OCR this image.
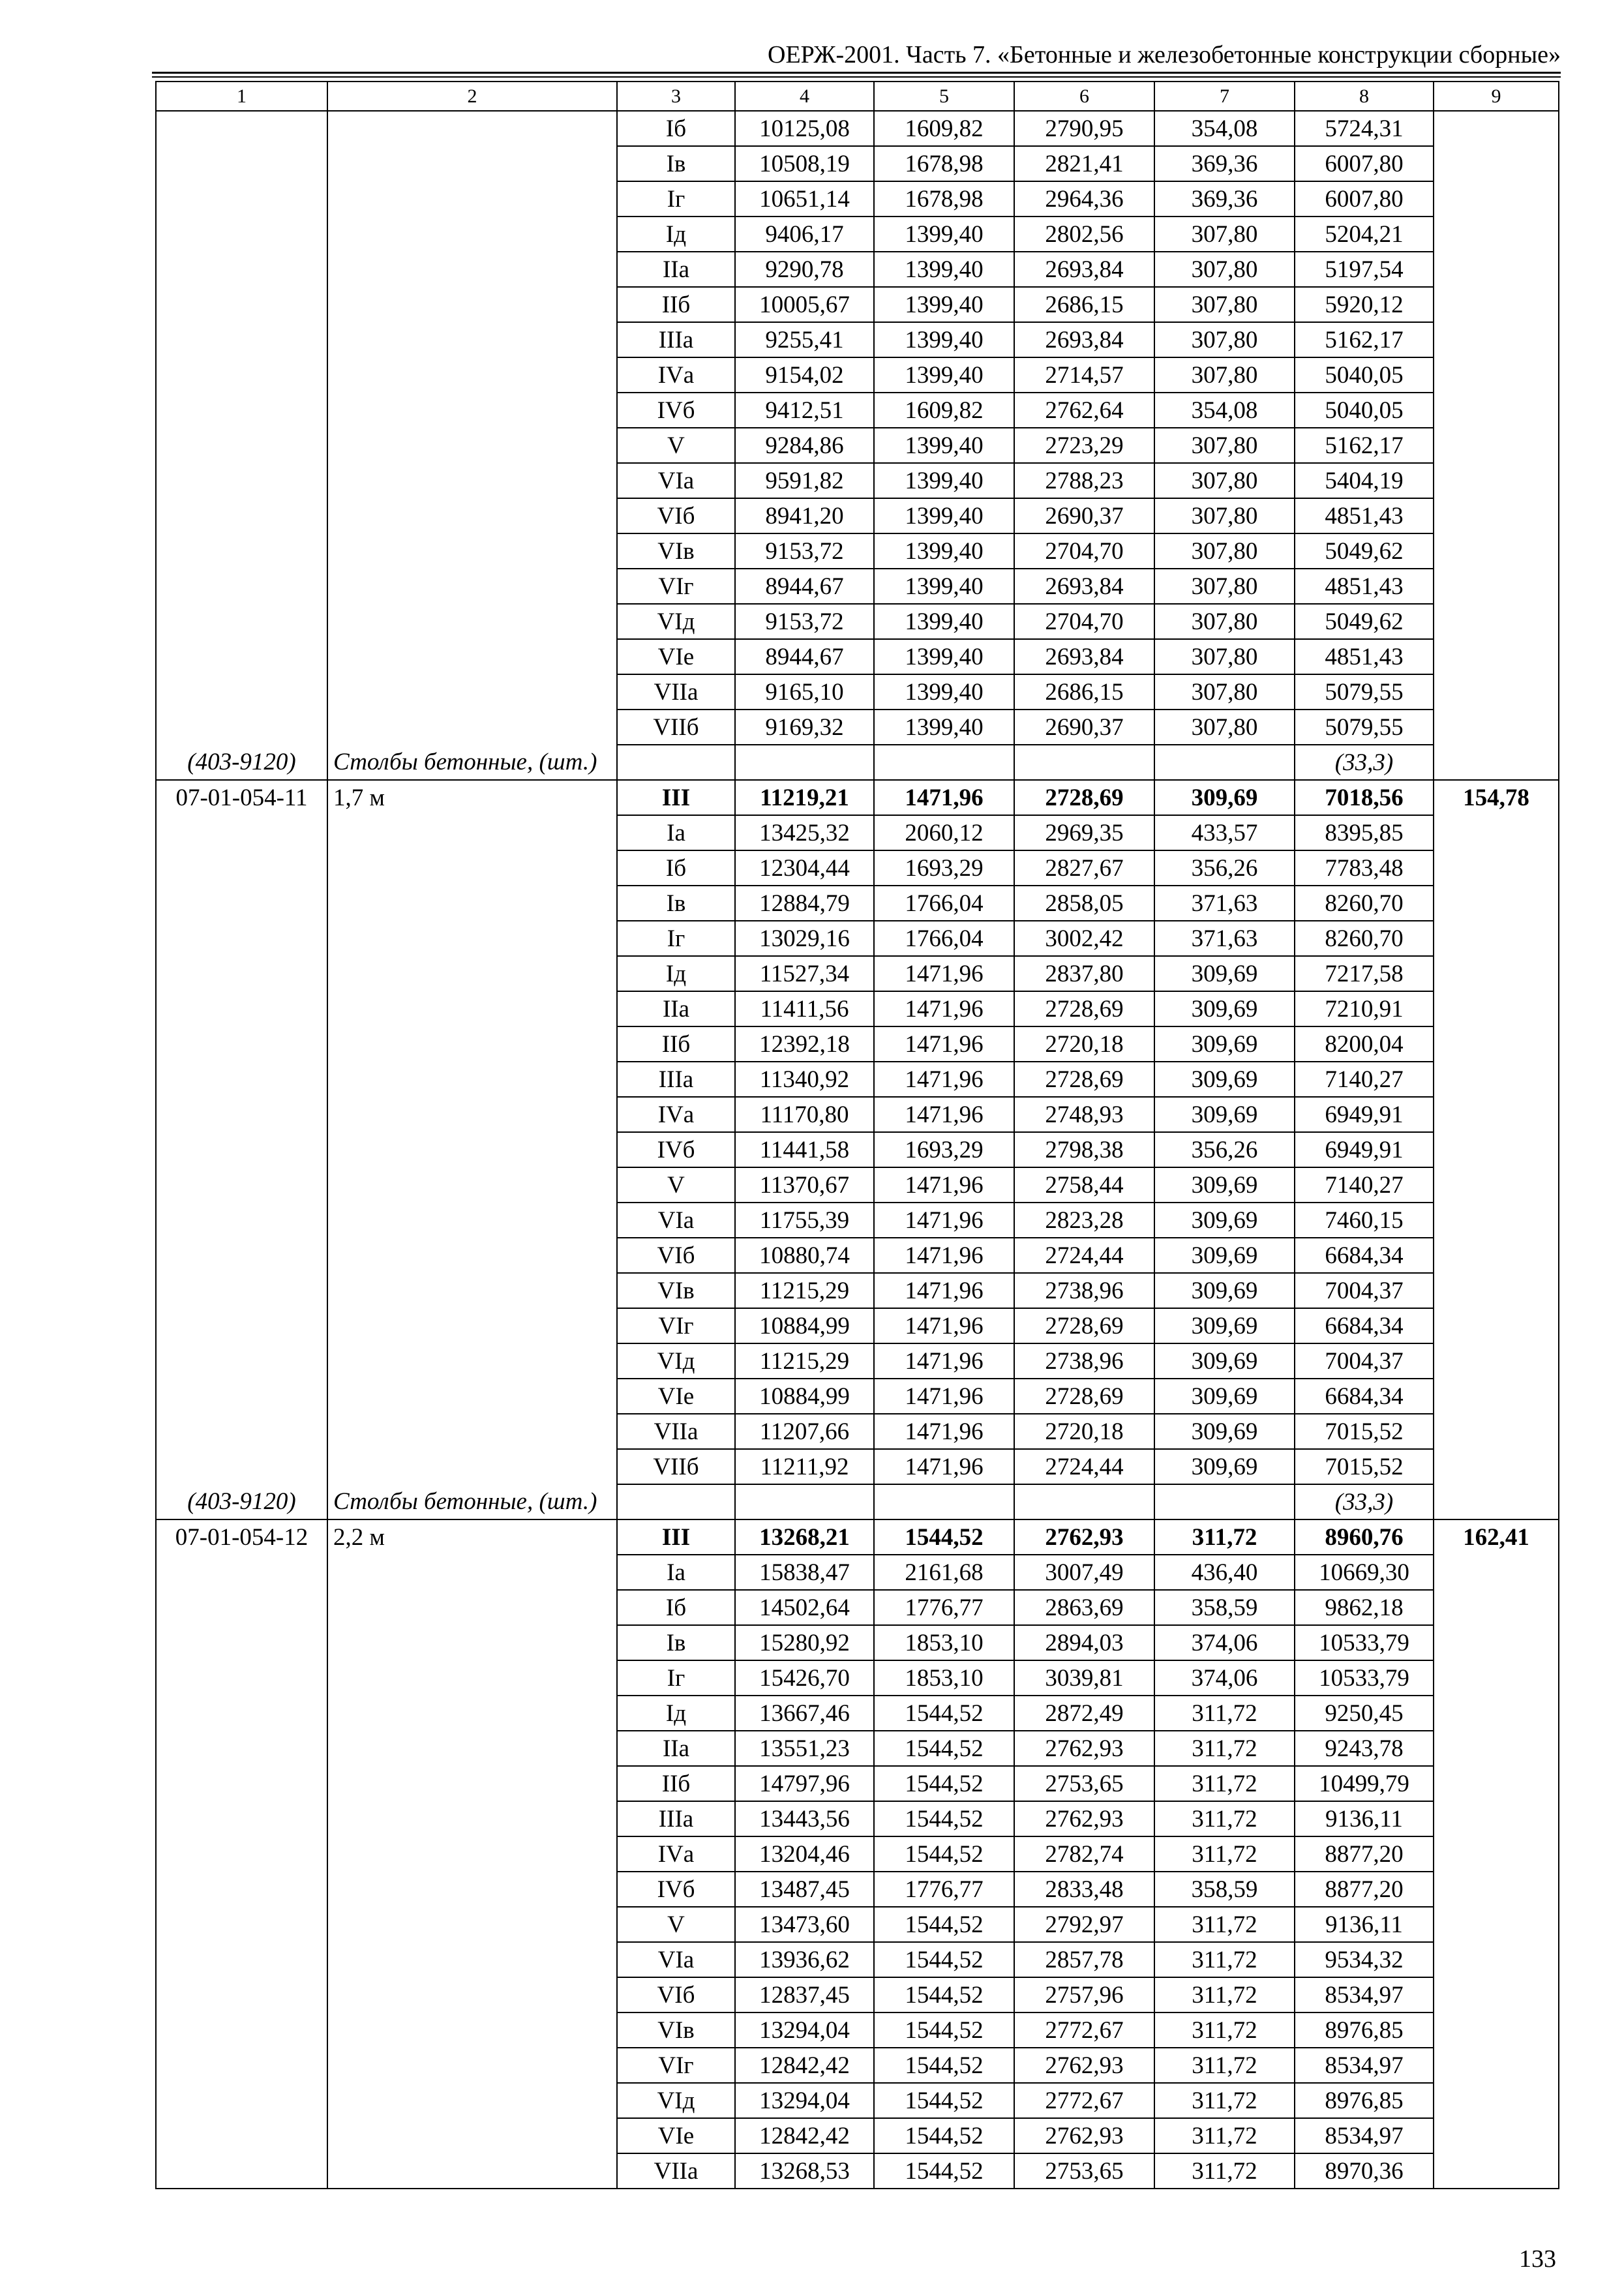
ОЕРЖ-2001. Часть 7. «Бетонные и железобетонные конструкции сборные»
1	2	3	4	5	6	7	8	9
		Iб	10125,08	1609,82	2790,95	354,08	5724,31	
		Iв	10508,19	1678,98	2821,41	369,36	6007,80	
		Iг	10651,14	1678,98	2964,36	369,36	6007,80	
		Iд	9406,17	1399,40	2802,56	307,80	5204,21	
		IIа	9290,78	1399,40	2693,84	307,80	5197,54	
		IIб	10005,67	1399,40	2686,15	307,80	5920,12	
		IIIа	9255,41	1399,40	2693,84	307,80	5162,17	
		IVа	9154,02	1399,40	2714,57	307,80	5040,05	
		IVб	9412,51	1609,82	2762,64	354,08	5040,05	
		V	9284,86	1399,40	2723,29	307,80	5162,17	
		VIа	9591,82	1399,40	2788,23	307,80	5404,19	
		VIб	8941,20	1399,40	2690,37	307,80	4851,43	
		VIв	9153,72	1399,40	2704,70	307,80	5049,62	
		VIг	8944,67	1399,40	2693,84	307,80	4851,43	
		VIд	9153,72	1399,40	2704,70	307,80	5049,62	
		VIе	8944,67	1399,40	2693,84	307,80	4851,43	
		VIIа	9165,10	1399,40	2686,15	307,80	5079,55	
		VIIб	9169,32	1399,40	2690,37	307,80	5079,55	
(403-9120)	Столбы бетонные, (шт.)						(33,3)	
07-01-054-11	1,7 м	III	11219,21	1471,96	2728,69	309,69	7018,56	154,78
		Iа	13425,32	2060,12	2969,35	433,57	8395,85	
		Iб	12304,44	1693,29	2827,67	356,26	7783,48	
		Iв	12884,79	1766,04	2858,05	371,63	8260,70	
		Iг	13029,16	1766,04	3002,42	371,63	8260,70	
		Iд	11527,34	1471,96	2837,80	309,69	7217,58	
		IIа	11411,56	1471,96	2728,69	309,69	7210,91	
		IIб	12392,18	1471,96	2720,18	309,69	8200,04	
		IIIа	11340,92	1471,96	2728,69	309,69	7140,27	
		IVа	11170,80	1471,96	2748,93	309,69	6949,91	
		IVб	11441,58	1693,29	2798,38	356,26	6949,91	
		V	11370,67	1471,96	2758,44	309,69	7140,27	
		VIа	11755,39	1471,96	2823,28	309,69	7460,15	
		VIб	10880,74	1471,96	2724,44	309,69	6684,34	
		VIв	11215,29	1471,96	2738,96	309,69	7004,37	
		VIг	10884,99	1471,96	2728,69	309,69	6684,34	
		VIд	11215,29	1471,96	2738,96	309,69	7004,37	
		VIе	10884,99	1471,96	2728,69	309,69	6684,34	
		VIIа	11207,66	1471,96	2720,18	309,69	7015,52	
		VIIб	11211,92	1471,96	2724,44	309,69	7015,52	
(403-9120)	Столбы бетонные, (шт.)						(33,3)	
07-01-054-12	2,2 м	III	13268,21	1544,52	2762,93	311,72	8960,76	162,41
		Iа	15838,47	2161,68	3007,49	436,40	10669,30	
		Iб	14502,64	1776,77	2863,69	358,59	9862,18	
		Iв	15280,92	1853,10	2894,03	374,06	10533,79	
		Iг	15426,70	1853,10	3039,81	374,06	10533,79	
		Iд	13667,46	1544,52	2872,49	311,72	9250,45	
		IIа	13551,23	1544,52	2762,93	311,72	9243,78	
		IIб	14797,96	1544,52	2753,65	311,72	10499,79	
		IIIа	13443,56	1544,52	2762,93	311,72	9136,11	
		IVа	13204,46	1544,52	2782,74	311,72	8877,20	
		IVб	13487,45	1776,77	2833,48	358,59	8877,20	
		V	13473,60	1544,52	2792,97	311,72	9136,11	
		VIа	13936,62	1544,52	2857,78	311,72	9534,32	
		VIб	12837,45	1544,52	2757,96	311,72	8534,97	
		VIв	13294,04	1544,52	2772,67	311,72	8976,85	
		VIг	12842,42	1544,52	2762,93	311,72	8534,97	
		VIд	13294,04	1544,52	2772,67	311,72	8976,85	
		VIе	12842,42	1544,52	2762,93	311,72	8534,97	
		VIIа	13268,53	1544,52	2753,65	311,72	8970,36	
133
